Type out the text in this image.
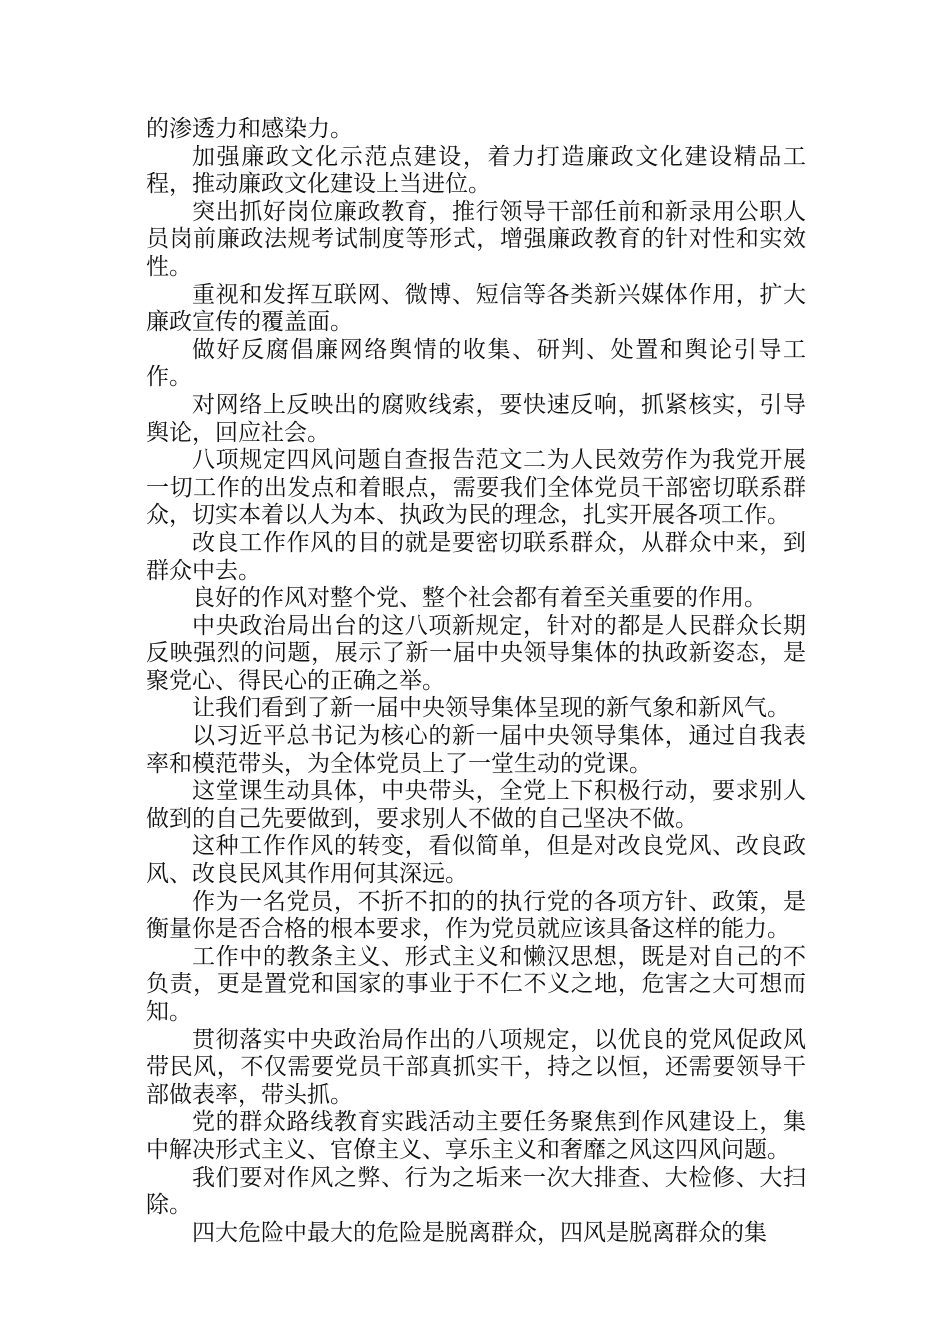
的渗透力和感染力。

加强廉政文化示范点建设，着力打造廉政文化建设精品工程，推动廉政文化建设上当进位。

突出抓好岗位廉政教育，推行领导干部任前和新录用公职人员岗前廉政法规考试制度等形式，增强廉政教育的针对性和实效性。

重视和发挥互联网、微博、短信等各类新兴媒体作用，扩大廉政宣传的覆盖面。

做好反腐倡廉网络舆情的收集、研判、处置和舆论引导工作。

对网络上反映出的腐败线索，要快速反响，抓紧核实，引导舆论，回应社会。

八项规定四风问题自查报告范文二为人民效劳作为我党开展一切工作的出发点和着眼点，需要我们全体党员干部密切联系群众，切实本着以人为本、执政为民的理念，扎实开展各项工作。

改良工作作风的目的就是要密切联系群众，从群众中来，到群众中去。

良好的作风对整个党、整个社会都有着至关重要的作用。

中央政治局出台的这八项新规定，针对的都是人民群众长期反映强烈的问题，展示了新一届中央领导集体的执政新姿态，是聚党心、得民心的正确之举。

让我们看到了新一届中央领导集体呈现的新气象和新风气。

以习近平总书记为核心的新一届中央领导集体，通过自我表率和模范带头，为全体党员上了一堂生动的党课。

这堂课生动具体，中央带头，全党上下积极行动，要求别人做到的自己先要做到，要求别人不做的自己坚决不做。

这种工作作风的转变，看似简单，但是对改良党风、改良政风、改良民风其作用何其深远。

作为一名党员，不折不扣的的执行党的各项方针、政策，是衡量你是否合格的根本要求，作为党员就应该具备这样的能力。

工作中的教条主义、形式主义和懒汉思想，既是对自己的不负责，更是置党和国家的事业于不仁不义之地，危害之大可想而知。

贯彻落实中央政治局作出的八项规定，以优良的党风促政风带民风，不仅需要党员干部真抓实干，持之以恒，还需要领导干部做表率，带头抓。

党的群众路线教育实践活动主要任务聚焦到作风建设上，集中解决形式主义、官僚主义、享乐主义和奢靡之风这四风问题。

我们要对作风之弊、行为之垢来一次大排查、大检修、大扫除。

四大危险中最大的危险是脱离群众，四风是脱离群众的集
